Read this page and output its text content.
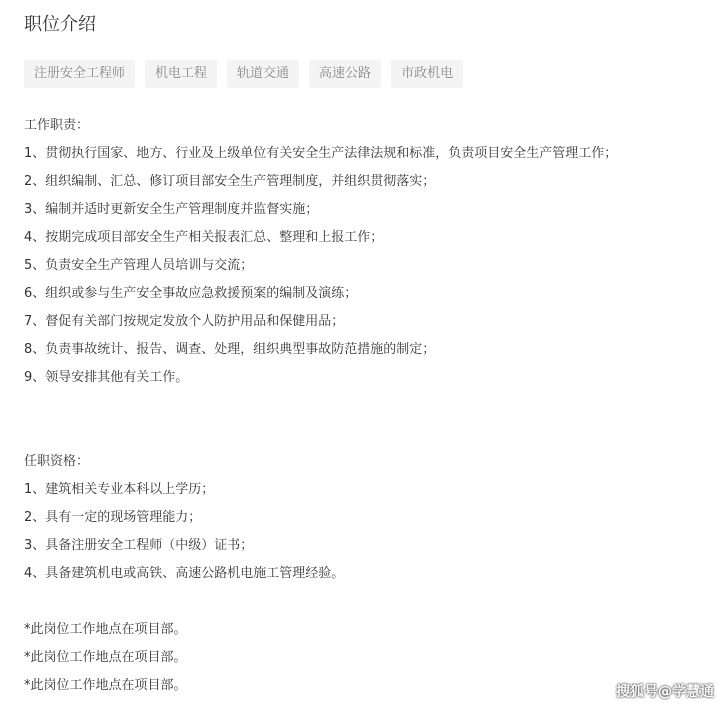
职位介绍
注册安全工程师	机电工程	轨道交通	高速公路	市政机电
工作职责：
1、贯彻执行国家、地方、行业及上级单位有关安全生产法律法规和标准，负责项目安全生产管理工作；
2、组织编制、汇总、修订项目部安全生产管理制度，并组织贯彻落实；
3、编制并适时更新安全生产管理制度并监督实施；
4、按期完成项目部安全生产相关报表汇总、整理和上报工作；
5、负责安全生产管理人员培训与交流；
6、组织或参与生产安全事故应急救援预案的编制及演练；
7、督促有关部门按规定发放个人防护用品和保健用品；
8、负责事故统计、报告、调查、处理，组织典型事故防范措施的制定；
9、领导安排其他有关工作。
任职资格：
1、建筑相关专业本科以上学历；
2、具有一定的现场管理能力；
3、具备注册安全工程师（中级）证书；
4、具备建筑机电或高铁、高速公路机电施工管理经验。
*此岗位工作地点在项目部。
*此岗位工作地点在项目部。
*此岗位工作地点在项目部。	搜狐号@学慧通
